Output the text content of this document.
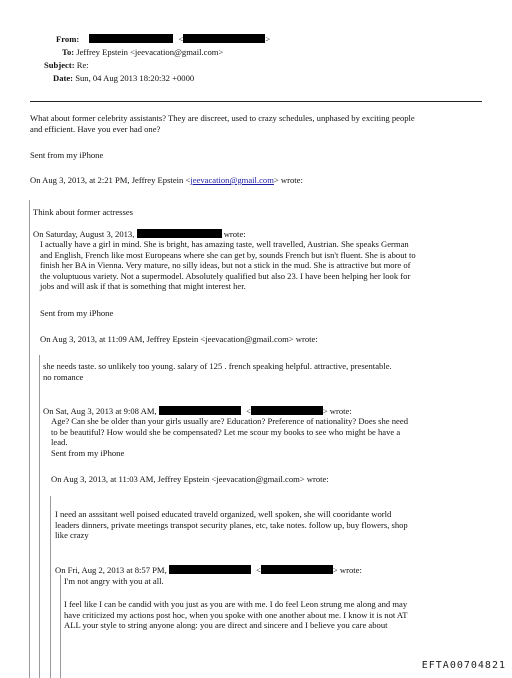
From:	<	>
To: Jeffrey Epstein <jeevacation@gmail.com>
Subject: Re:
Date: Sun, 04 Aug 2013 18:20:32 +0000
What about former celebrity assistants? They are discreet, used to crazy schedules, unphased by exciting people
and efficient. Have you ever had one?
Sent from my iPhone
On Aug 3, 2013, at 2:21 PM, Jeffrey Epstein <jeevacation@gmail.com> wrote:
Think about former actresses
On Saturday, August 3, 2013,	wrote:
I actually have a girl in mind. She is bright, has amazing taste, well travelled, Austrian. She speaks German
and English, French like most Europeans where she can get by, sounds French but isn't fluent. She is about to
finish her BA in Vienna. Very mature, no silly ideas, but not a stick in the mud. She is attractive but more of
the voluptuous variety. Not a supermodel. Absolutely qualified but also 23. I have been helping her look for
jobs and will ask if that is something that might interest her.
Sent from my iPhone
On Aug 3, 2013, at 11:09 AM, Jeffrey Epstein <jeevacation@gmail.com> wrote:
she needs taste. so unlikely too young. salary of 125 . french speaking helpful. attractive, presentable.
no romance
On Sat, Aug 3, 2013 at 9:08 AM,	<	> wrote:
Age? Can she be older than your girls usually are? Education? Preference of nationality? Does she need
to be beautiful? How would she be compensated? Let me scour my books to see who might be have a
lead.
Sent from my iPhone
On Aug 3, 2013, at 11:03 AM, Jeffrey Epstein <jeevacation@gmail.com> wrote:
I need an asssitant well poised educated traveld organized, well spoken, she will cooridante world
leaders dinners, private meetings transpot security planes, etc, take notes. follow up, buy flowers, shop
like crazy
On Fri, Aug 2, 2013 at 8:57 PM,	<	> wrote:
I'm not angry with you at all.
I feel like I can be candid with you just as you are with me. I do feel Leon strung me along and may
have criticized my actions post hoc, when you spoke with one another about me. I know it is not AT
ALL your style to string anyone along: you are direct and sincere and I believe you care about
EFTA00704821
